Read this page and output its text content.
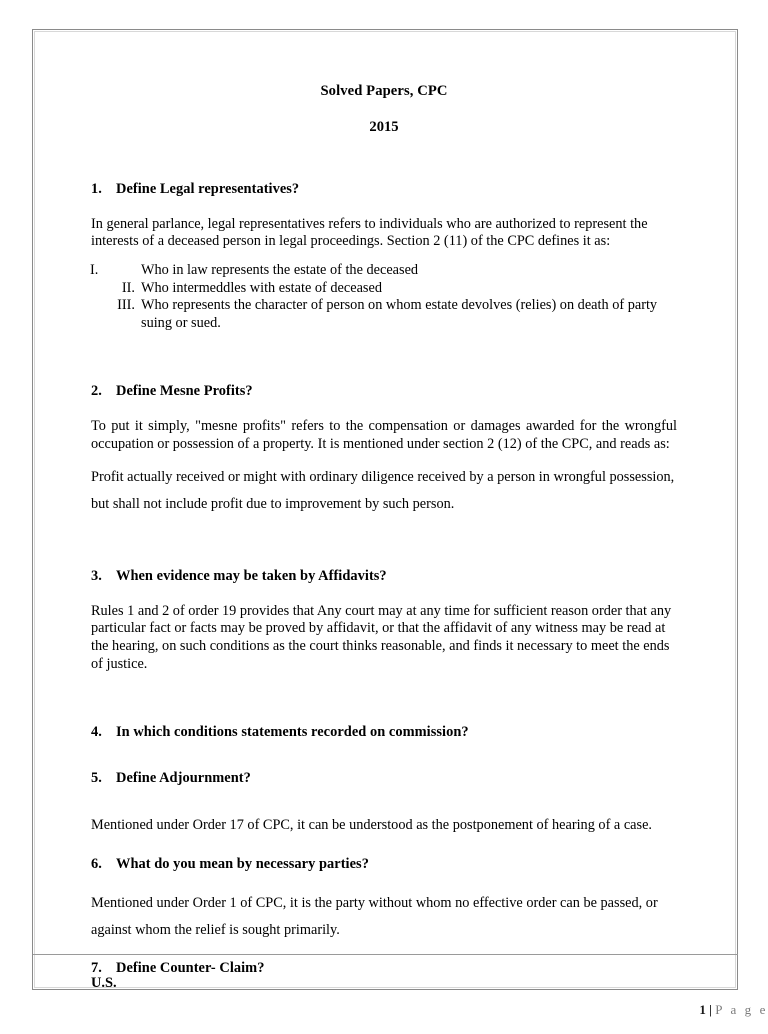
Solved Papers, CPC
2015
1. Define Legal representatives?

In general parlance, legal representatives refers to individuals who are authorized to represent the interests of a deceased person in legal proceedings. Section 2 (11) of the CPC defines it as:

I.	Who in law represents the estate of the deceased
II. Who intermeddles with estate of deceased
III. Who represents the character of person on whom estate devolves (relies) on death of party suing or sued.
2. Define Mesne Profits?

To put it simply, "mesne profits" refers to the compensation or damages awarded for the wrongful occupation or possession of a property. It is mentioned under section 2 (12) of the CPC, and reads as:

Profit actually received or might with ordinary diligence received by a person in wrongful possession, but shall not include profit due to improvement by such person.

3. When evidence may be taken by Affidavits?

Rules 1 and 2 of order 19 provides that Any court may at any time for sufficient reason order that any particular fact or facts may be proved by affidavit, or that the affidavit of any witness may be read at the hearing, on such conditions as the court thinks reasonable, and finds it necessary to meet the ends of justice.

4. In which conditions statements recorded on commission?
5. Define Adjournment?

Mentioned under Order 17 of CPC, it can be understood as the postponement of hearing of a case.

6. What do you mean by necessary parties?

Mentioned under Order 1 of CPC, it is the party without whom no effective order can be passed, or against whom the relief is sought primarily.

7. Define Counter- Claim?

1 | P a g e

U.S.
